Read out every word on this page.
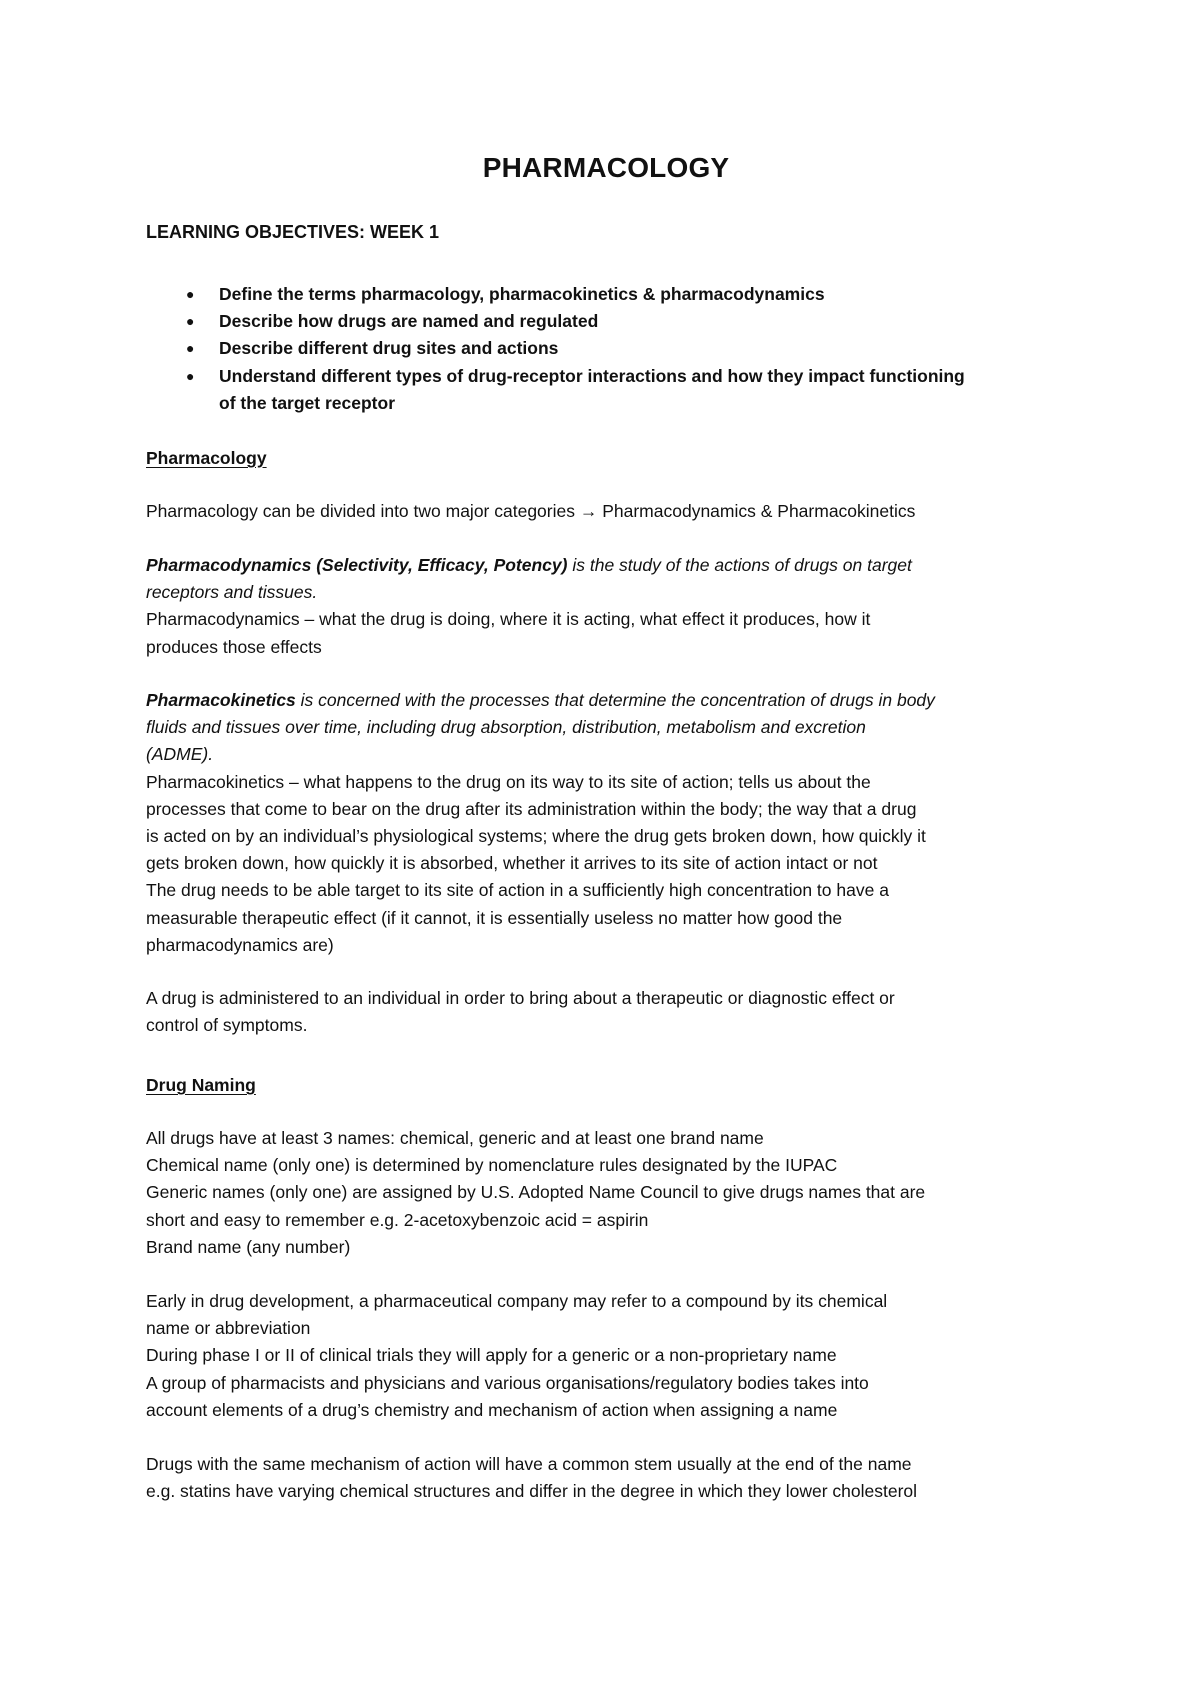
PHARMACOLOGY
LEARNING OBJECTIVES: WEEK 1
● Define the terms pharmacology, pharmacokinetics & pharmacodynamics
● Describe how drugs are named and regulated
● Describe different drug sites and actions
● Understand different types of drug-receptor interactions and how they impact functioning
of the target receptor
Pharmacology

Pharmacology can be divided into two major categories → Pharmacodynamics & Pharmacokinetics

Pharmacodynamics (Selectivity, Efficacy, Potency) is the study of the actions of drugs on target
receptors and tissues.
Pharmacodynamics – what the drug is doing, where it is acting, what effect it produces, how it
produces those effects

Pharmacokinetics is concerned with the processes that determine the concentration of drugs in body
fluids and tissues over time, including drug absorption, distribution, metabolism and excretion
(ADME).
Pharmacokinetics – what happens to the drug on its way to its site of action; tells us about the
processes that come to bear on the drug after its administration within the body; the way that a drug
is acted on by an individual’s physiological systems; where the drug gets broken down, how quickly it
gets broken down, how quickly it is absorbed, whether it arrives to its site of action intact or not
The drug needs to be able target to its site of action in a sufficiently high concentration to have a
measurable therapeutic effect (if it cannot, it is essentially useless no matter how good the
pharmacodynamics are)

A drug is administered to an individual in order to bring about a therapeutic or diagnostic effect or
control of symptoms.

Drug Naming

All drugs have at least 3 names: chemical, generic and at least one brand name
Chemical name (only one) is determined by nomenclature rules designated by the IUPAC
Generic names (only one) are assigned by U.S. Adopted Name Council to give drugs names that are
short and easy to remember e.g. 2-acetoxybenzoic acid = aspirin
Brand name (any number)

Early in drug development, a pharmaceutical company may refer to a compound by its chemical
name or abbreviation
During phase I or II of clinical trials they will apply for a generic or a non-proprietary name
A group of pharmacists and physicians and various organisations/regulatory bodies takes into
account elements of a drug’s chemistry and mechanism of action when assigning a name

Drugs with the same mechanism of action will have a common stem usually at the end of the name
e.g. statins have varying chemical structures and differ in the degree in which they lower cholesterol
